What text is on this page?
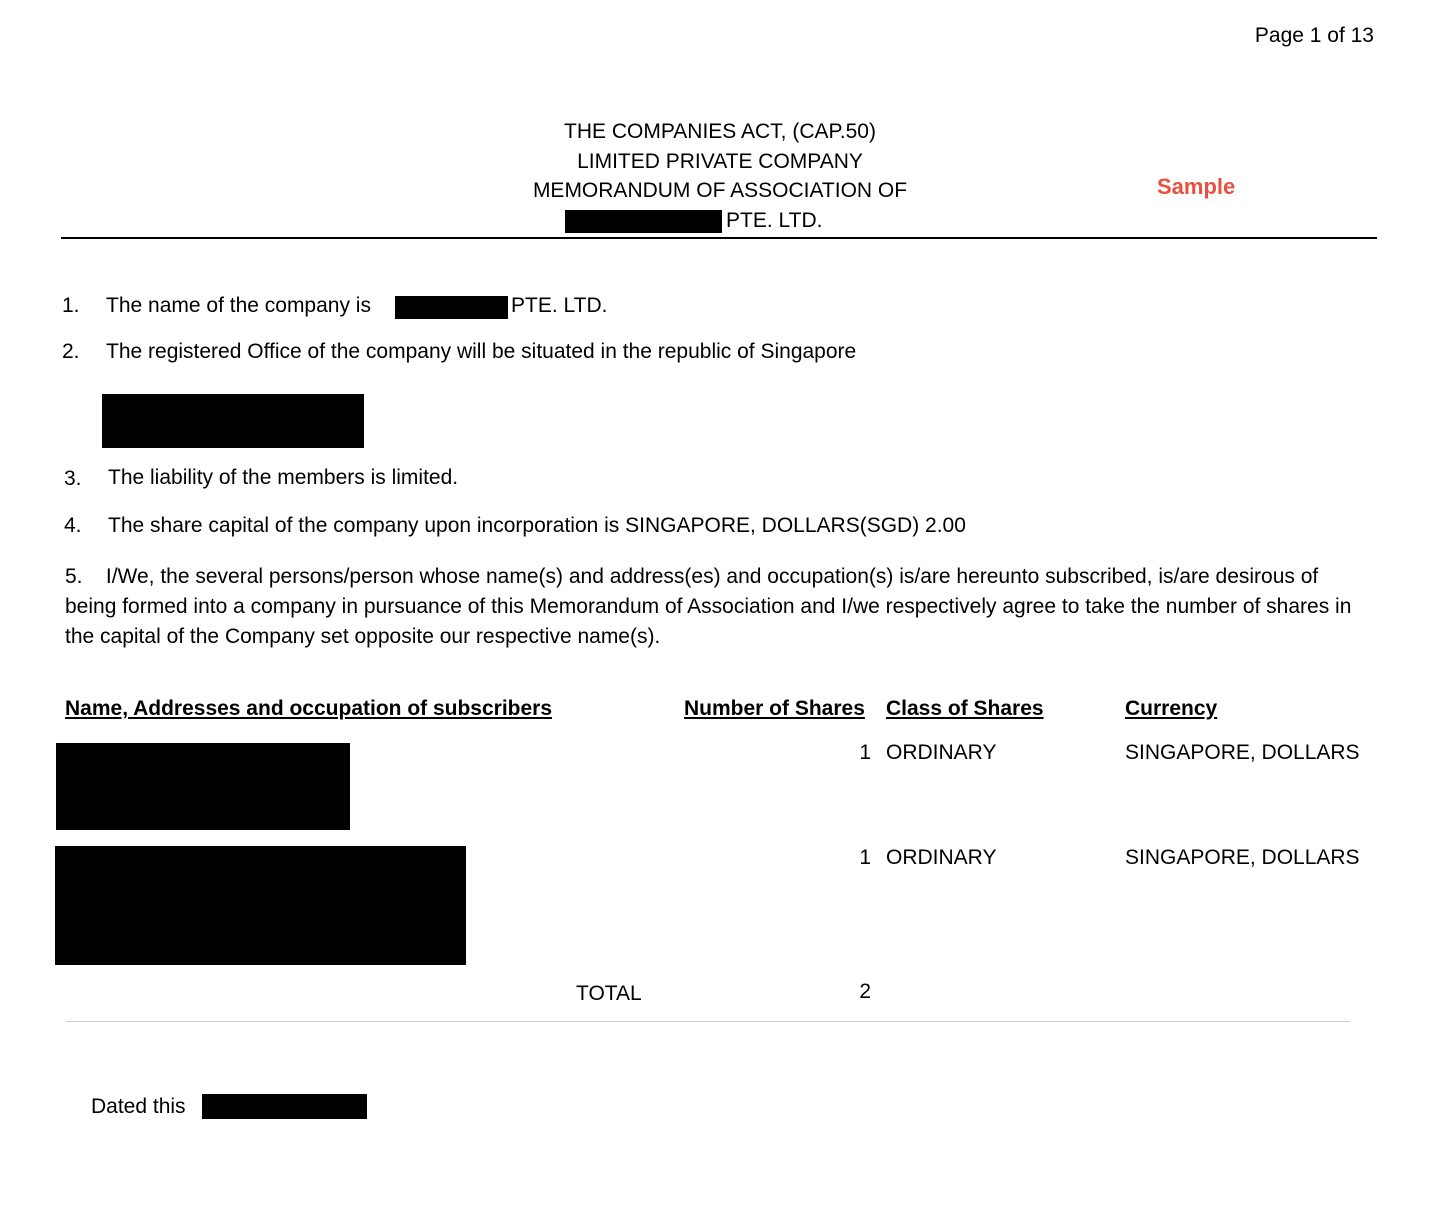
Page 1 of 13
THE COMPANIES ACT, (CAP.50)
LIMITED PRIVATE COMPANY
MEMORANDUM OF ASSOCIATION OF
PTE. LTD.
Sample
1. The name of the company is	PTE. LTD.
2. The registered Office of the company will be situated in the republic of Singapore
3. The liability of the members is limited.
4. The share capital of the company upon incorporation is SINGAPORE, DOLLARS(SGD) 2.00
5. I/We, the several persons/person whose name(s) and address(es) and occupation(s) is/are hereunto subscribed, is/are desirous of being formed into a company in pursuance of this Memorandum of Association and I/we respectively agree to take the number of shares in the capital of the Company set opposite our respective name(s).
Name, Addresses and occupation of subscribers	Number of Shares Class of Shares	Currency
1 ORDINARY	SINGAPORE, DOLLARS
1 ORDINARY	SINGAPORE, DOLLARS
TOTAL	2
Dated this
